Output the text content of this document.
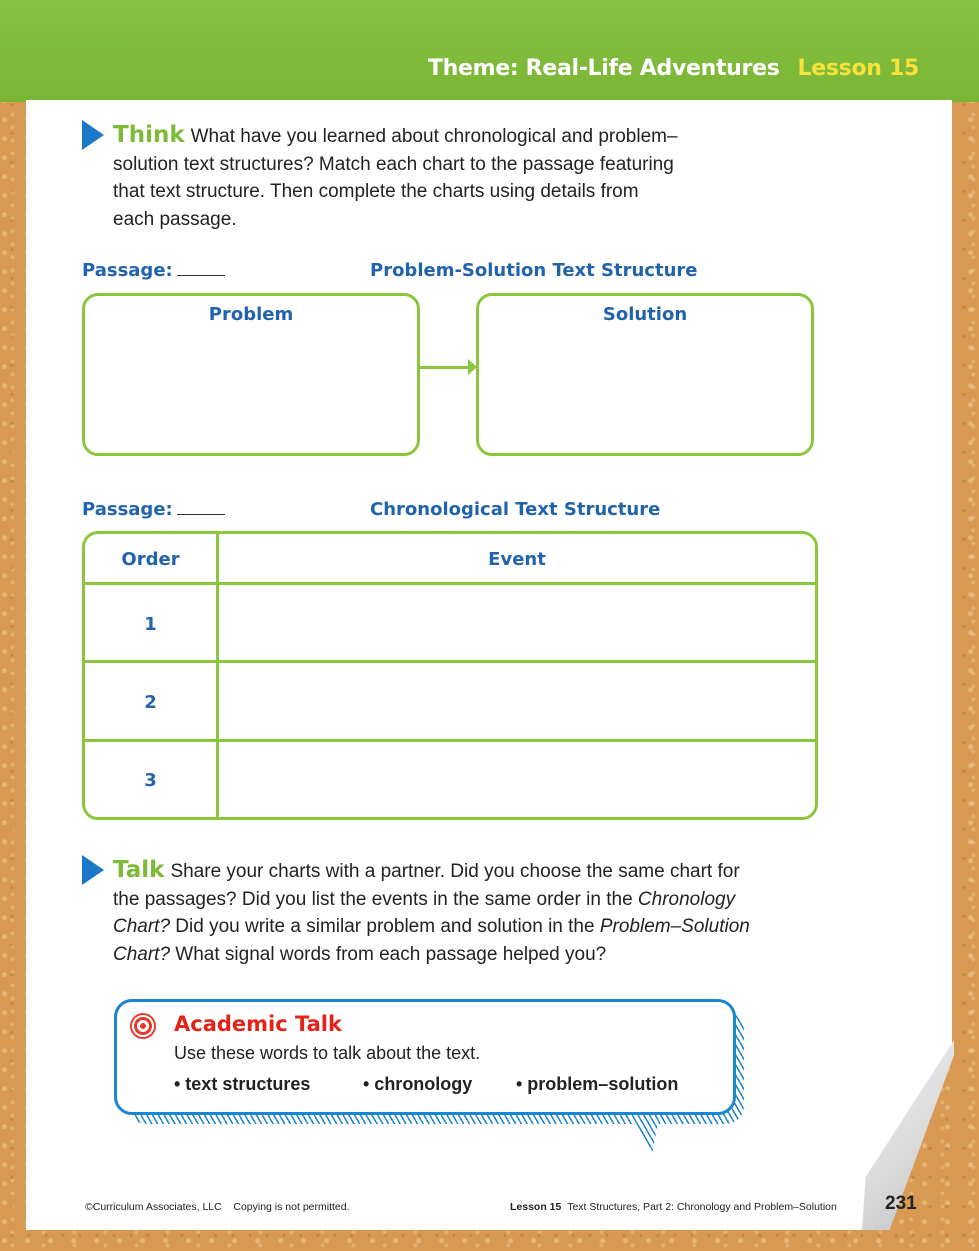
Theme: Real-Life Adventures Lesson 15
Think What have you learned about chronological and problem–
solution text structures? Match each chart to the passage featuring
that text structure. Then complete the charts using details from
each passage.
Passage:	Problem-Solution Text Structure
Problem	Solution
Passage:	Chronological Text Structure
Order	Event
1
2
3
Talk Share your charts with a partner. Did you choose the same chart for
the passages? Did you list the events in the same order in the Chronology
Chart? Did you write a similar problem and solution in the Problem–Solution
Chart? What signal words from each passage helped you?
Academic Talk
Use these words to talk about the text.
• text structures	• chronology • problem–solution
©Curriculum Associates, LLC    Copying is not permitted.	Lesson 15 Text Structures, Part 2: Chronology and Problem–Solution	231
